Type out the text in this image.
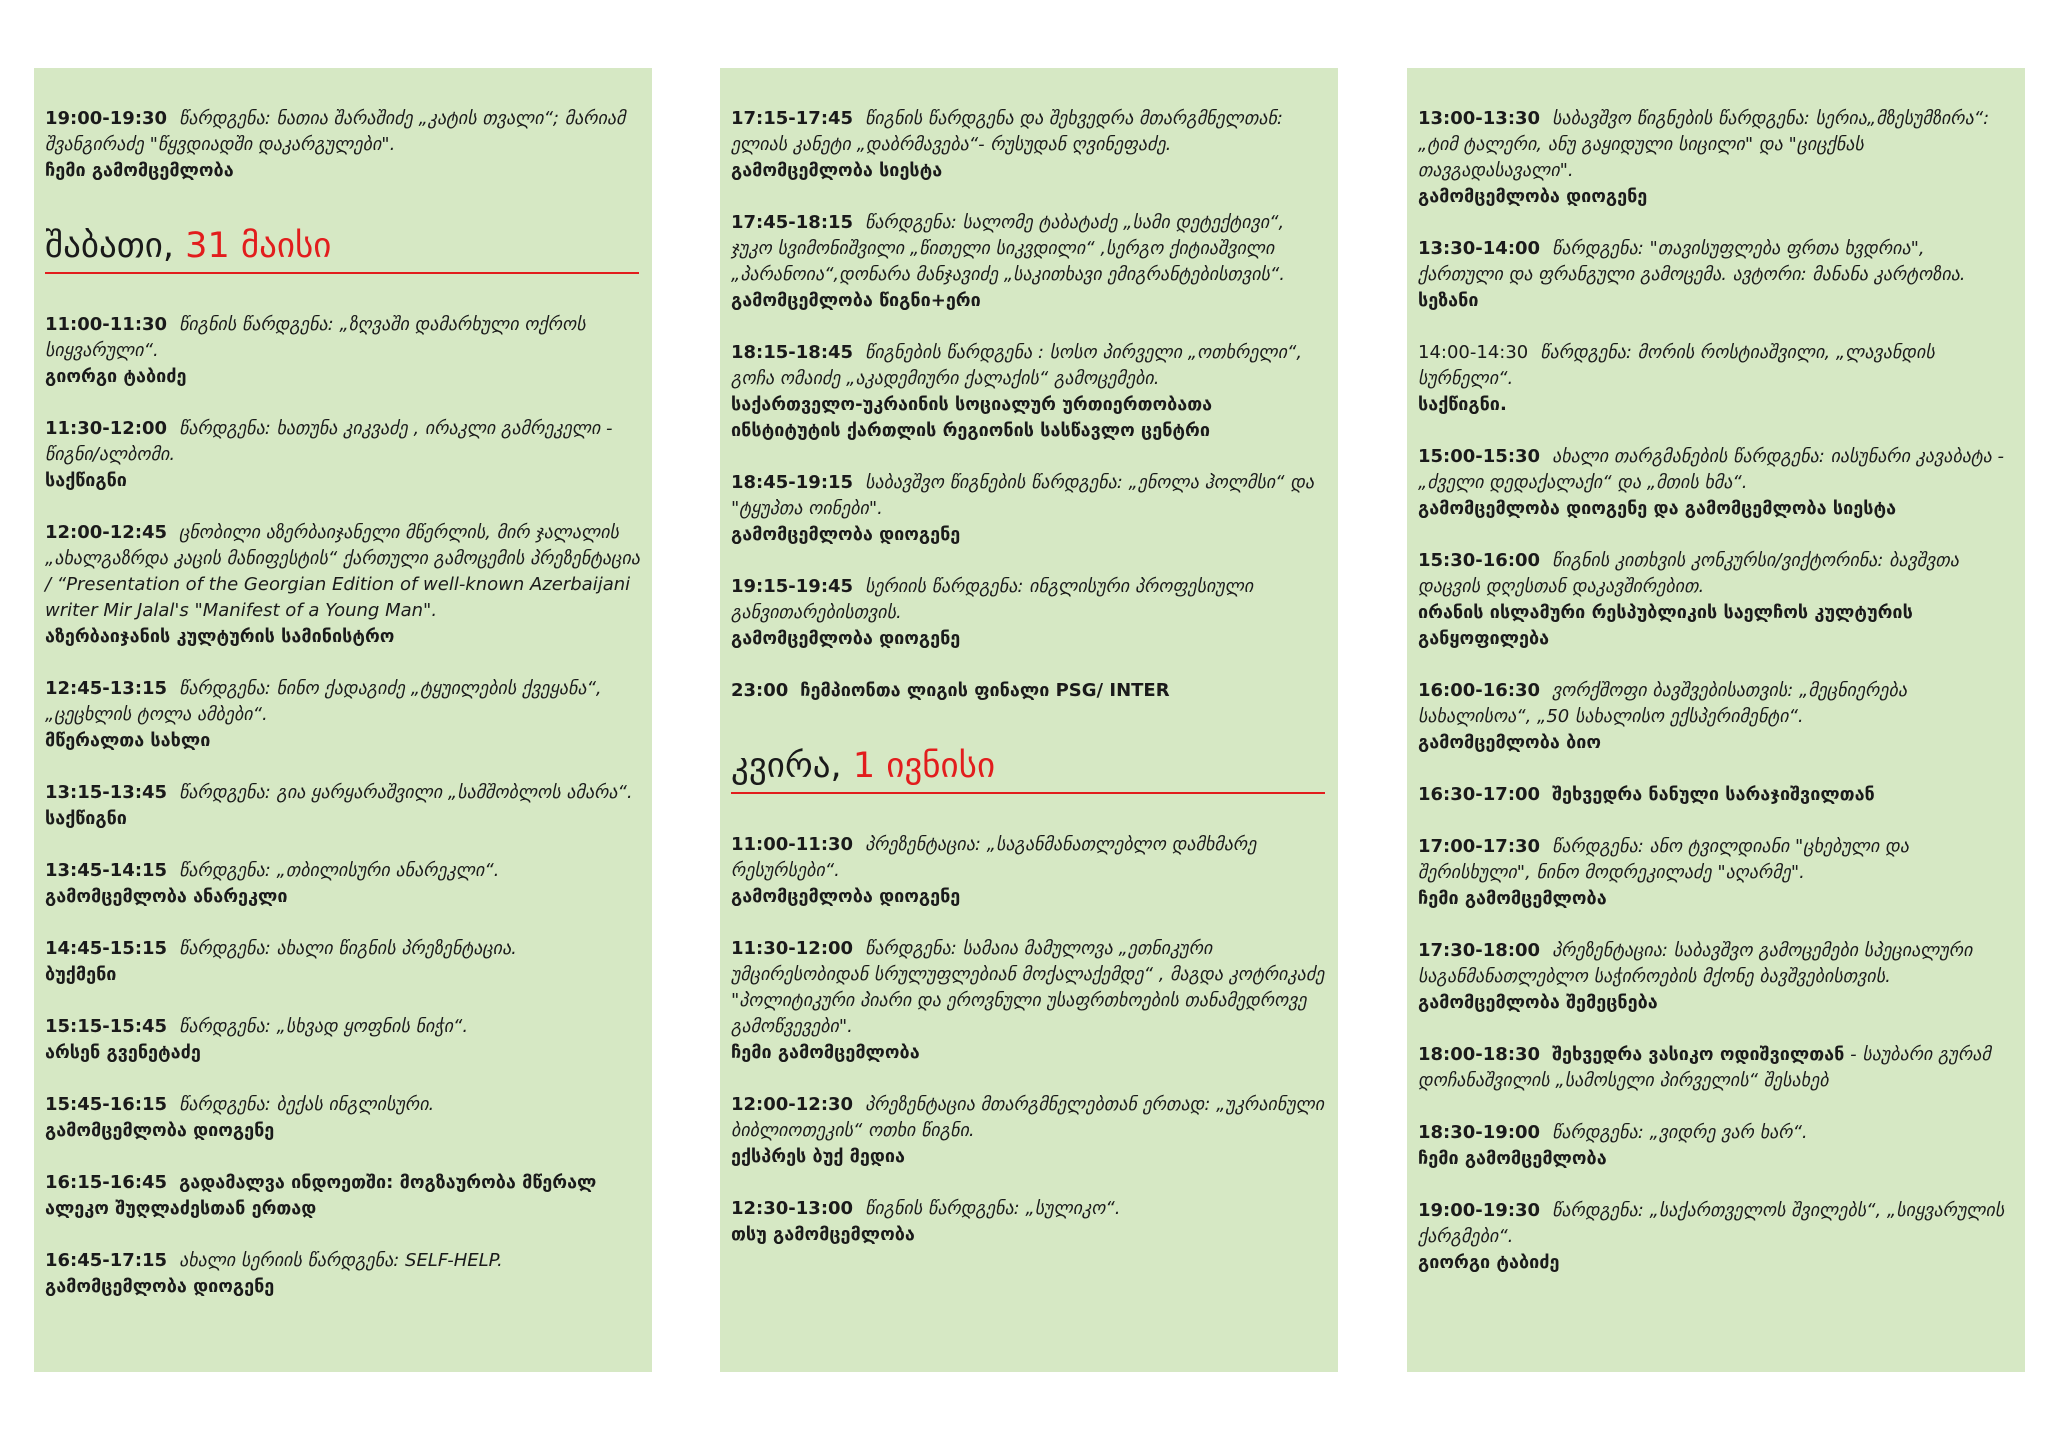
19:00-19:30 წარდგენა: ნათია შარაშიძე „კატის თვალი“; მარიამ შვანგირაძე "წყვდიადში დაკარგულები".
ჩემი გამომცემლობა
შაბათი, 31 მაისი
11:00-11:30 წიგნის წარდგენა: „ზღვაში დამარხული ოქროს სიყვარული“.
გიორგი ტაბიძე
11:30-12:00 წარდგენა: ხათუნა კიკვაძე , ირაკლი გამრეკელი - წიგნი/ალბომი.
საქწიგნი
12:00-12:45 ცნობილი აზერბაიჯანელი მწერლის, მირ ჯალალის „ახალგაზრდა კაცის მანიფესტის“ ქართული გამოცემის პრეზენტაცია / “Presentation of the Georgian Edition of well-known Azerbaijani writer Mir Jalal's "Manifest of a Young Man".
აზერბაიჯანის კულტურის სამინისტრო
12:45-13:15 წარდგენა: ნინო ქადაგიძე „ტყუილების ქვეყანა“, „ცეცხლის ტოლა ამბები“.
მწერალთა სახლი
13:15-13:45 წარდგენა: გია ყარყარაშვილი „სამშობლოს ამარა“.
საქწიგნი
13:45-14:15 წარდგენა: „თბილისური ანარეკლი“.
გამომცემლობა ანარეკლი
14:45-15:15 წარდგენა: ახალი წიგნის პრეზენტაცია.
ბუქმენი
15:15-15:45 წარდგენა: „სხვად ყოფნის ნიჭი“.
არსენ გვენეტაძე
15:45-16:15 წარდგენა: ბექას ინგლისური.
გამომცემლობა დიოგენე
16:15-16:45 გადამალვა ინდოეთში: მოგზაურობა მწერალ ალეკო შუღლაძესთან ერთად
16:45-17:15 ახალი სერიის წარდგენა: SELF-HELP.
გამომცემლობა დიოგენე
17:15-17:45 წიგნის წარდგენა და შეხვედრა მთარგმნელთან: ელიას კანეტი „დაბრმავება“- რუსუდან ღვინეფაძე.
გამომცემლობა სიესტა
17:45-18:15 წარდგენა: სალომე ტაბატაძე „სამი დეტექტივი“, ჯუკო სვიმონიშვილი „წითელი სიკვდილი“ ,სერგო ქიტიაშვილი „პარანოია“,დონარა მანჯავიძე „საკითხავი ემიგრანტებისთვის“.
გამომცემლობა წიგნი+ერი
18:15-18:45 წიგნების წარდგენა : სოსო პირველი „ოთხრელი“, გოჩა ომაიძე „აკადემიური ქალაქის“ გამოცემები.
საქართველო-უკრაინის სოციალურ ურთიერთობათა ინსტიტუტის ქართლის რეგიონის სასწავლო ცენტრი
18:45-19:15 საბავშვო წიგნების წარდგენა: „ენოლა ჰოლმსი“ და "ტყუპთა ოინები".
გამომცემლობა დიოგენე
19:15-19:45 სერიის წარდგენა: ინგლისური პროფესიული განვითარებისთვის.
გამომცემლობა დიოგენე
23:00 ჩემპიონთა ლიგის ფინალი PSG/ INTER
კვირა, 1 ივნისი
11:00-11:30 პრეზენტაცია: „საგანმანათლებლო დამხმარე რესურსები“.
გამომცემლობა დიოგენე
11:30-12:00 წარდგენა: სამაია მამულოვა „ეთნიკური უმცირესობიდან სრულუფლებიან მოქალაქემდე“ , მაგდა კოტრიკაძე "პოლიტიკური პიარი და ეროვნული უსაფრთხოების თანამედროვე გამოწვევები".
ჩემი გამომცემლობა
12:00-12:30 პრეზენტაცია მთარგმნელებთან ერთად: „უკრაინული ბიბლიოთეკის“ ოთხი წიგნი.
ექსპრეს ბუქ მედია
12:30-13:00 წიგნის წარდგენა: „სულიკო“.
თსუ გამომცემლობა
13:00-13:30 საბავშვო წიგნების წარდგენა: სერია„მზესუმზირა“: „ტიმ ტალერი, ანუ გაყიდული სიცილი" და "ციცქნას თავგადასავალი".
გამომცემლობა დიოგენე
13:30-14:00 წარდგენა: "თავისუფლება ფრთა ხვდრია", ქართული და ფრანგული გამოცემა. ავტორი: მანანა კარტოზია.
სეზანი
14:00-14:30 წარდგენა: მორის როსტიაშვილი, „ლავანდის სურნელი“.
საქწიგნი.
15:00-15:30 ახალი თარგმანების წარდგენა: იასუნარი კავაბატა - „ძველი დედაქალაქი“ და „მთის ხმა“.
გამომცემლობა დიოგენე და გამომცემლობა სიესტა
15:30-16:00 წიგნის კითხვის კონკურსი/ვიქტორინა: ბავშვთა დაცვის დღესთან დაკავშირებით.
ირანის ისლამური რესპუბლიკის საელჩოს კულტურის განყოფილება
16:00-16:30 ვორქშოფი ბავშვებისათვის: „მეცნიერება სახალისოა“, „50 სახალისო ექსპერიმენტი“.
გამომცემლობა ბიო
16:30-17:00 შეხვედრა ნანული სარაჯიშვილთან
17:00-17:30 წარდგენა: ანო ტვილდიანი "ცხებული და შერისხული", ნინო მოდრეკილაძე "აღარმე".
ჩემი გამომცემლობა
17:30-18:00 პრეზენტაცია: საბავშვო გამოცემები სპეციალური საგანმანათლებლო საჭიროების მქონე ბავშვებისთვის.
გამომცემლობა შემეცნება
18:00-18:30 შეხვედრა ვასიკო ოდიშვილთან - საუბარი გურამ დოჩანაშვილის „სამოსელი პირველის“ შესახებ
18:30-19:00 წარდგენა: „ვიდრე ვარ ხარ“.
ჩემი გამომცემლობა
19:00-19:30 წარდგენა: „საქართველოს შვილებს“, „სიყვარულის ქარგმები“.
გიორგი ტაბიძე
